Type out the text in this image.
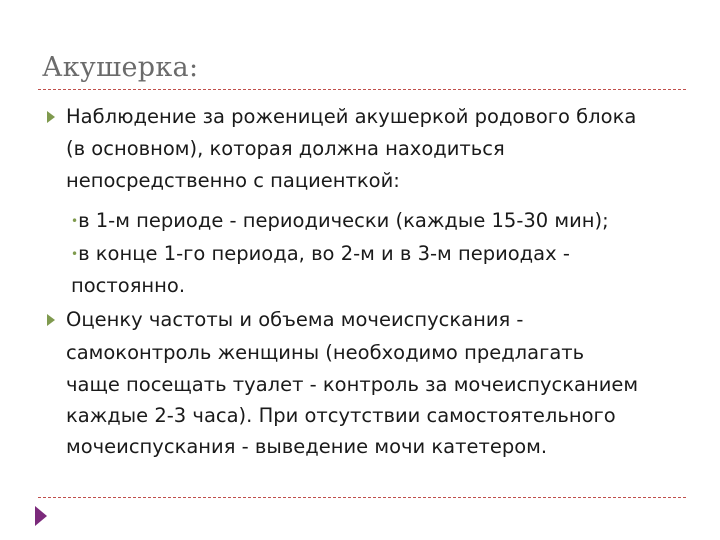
Акушерка:
Наблюдение за роженицей акушеркой родового блока
(в основном), которая должна находиться
непосредственно с пациенткой:
•в 1-м периоде - периодически (каждые 15-30 мин);
•в конце 1-го периода, во 2-м и в 3-м периодах -
постоянно.
Оценку частоты и объема мочеиспускания -
самоконтроль женщины (необходимо предлагать
чаще посещать туалет - контроль за мочеиспусканием
каждые 2-3 часа). При отсутствии самостоятельного
мочеиспускания - выведение мочи катетером.
